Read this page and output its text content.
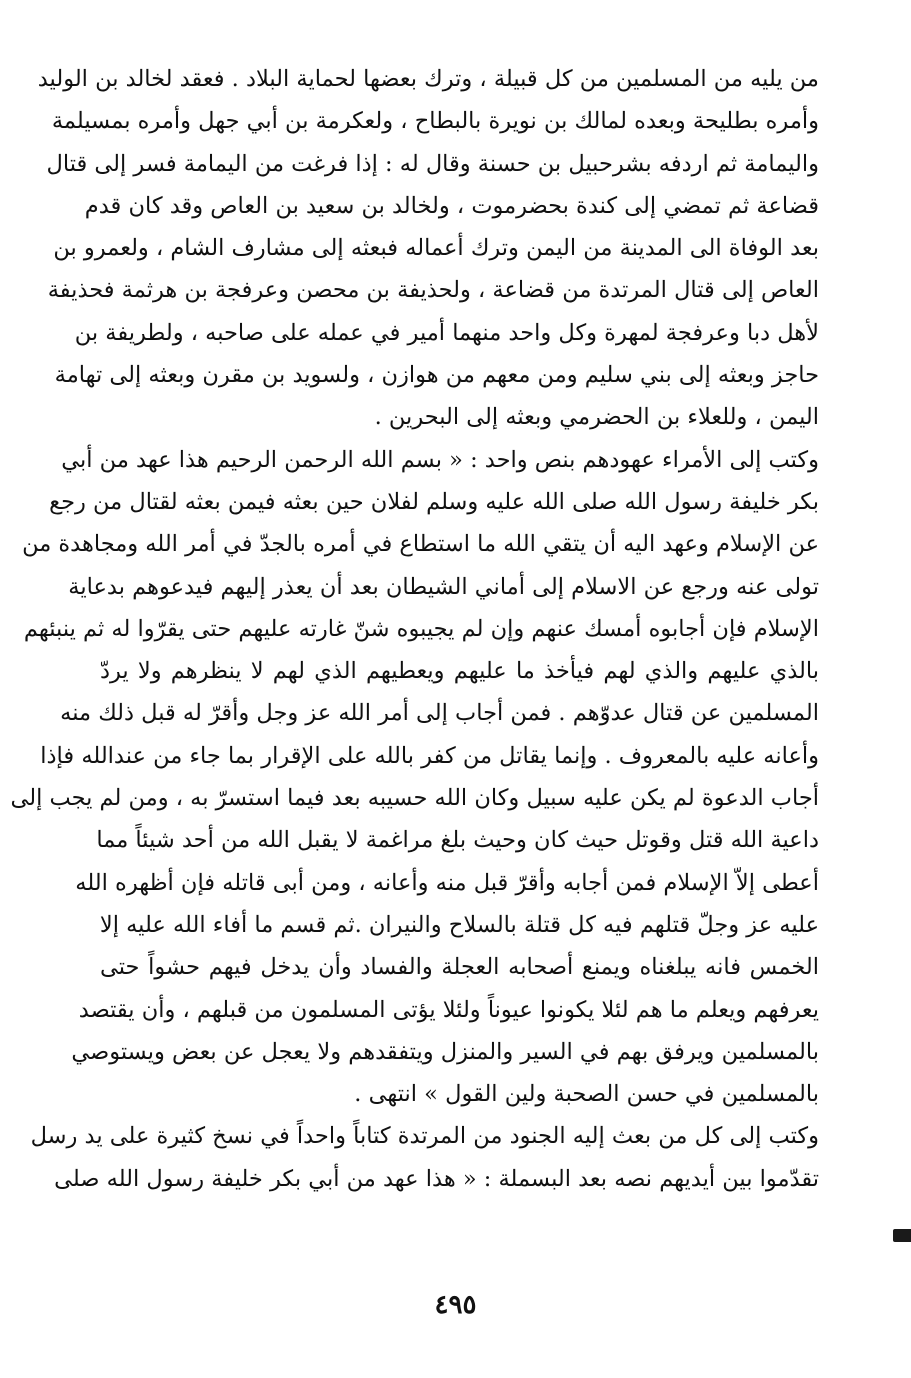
من يليه من المسلمين من كل قبيلة ، وترك بعضها لحماية البلاد . فعقد لخالد بن الوليد
وأمره بطليحة وبعده لمالك بن نويرة بالبطاح ، ولعكرمة بن أبي جهل وأمره بمسيلمة
واليمامة ثم اردفه بشرحبيل بن حسنة وقال له : إذا فرغت من اليمامة فسر إلى قتال
قضاعة ثم تمضي إلى كندة بحضرموت ، ولخالد بن سعيد بن العاص وقد كان قدم
بعد الوفاة الى المدينة من اليمن وترك أعماله فبعثه إلى مشارف الشام ، ولعمرو بن
العاص إلى قتال المرتدة من قضاعة ، ولحذيفة بن محصن وعرفجة بن هرثمة فحذيفة
لأهل دبا وعرفجة لمهرة وكل واحد منهما أمير في عمله على صاحبه ، ولطريفة بن
حاجز وبعثه إلى بني سليم ومن معهم من هوازن ، ولسويد بن مقرن وبعثه إلى تهامة
اليمن ، وللعلاء بن الحضرمي وبعثه إلى البحرين .
وكتب إلى الأمراء عهودهم بنص واحد : « بسم الله الرحمن الرحيم هذا عهد من أبي
بكر خليفة رسول الله صلى الله عليه وسلم لفلان حين بعثه فيمن بعثه لقتال من رجع
عن الإسلام وعهد اليه أن يتقي الله ما استطاع في أمره بالجدّ في أمر الله ومجاهدة من
تولى عنه ورجع عن الاسلام إلى أماني الشيطان بعد أن يعذر إليهم فيدعوهم بدعاية
الإسلام فإن أجابوه أمسك عنهم وإن لم يجيبوه شنّ غارته عليهم حتى يقرّوا له ثم ينبئهم
بالذي عليهم والذي لهم فيأخذ ما عليهم ويعطيهم الذي لهم لا ينظرهم ولا يردّ
المسلمين عن قتال عدوّهم . فمن أجاب إلى أمر الله عز وجل وأقرّ له قبل ذلك منه
وأعانه عليه بالمعروف . وإنما يقاتل من كفر بالله على الإقرار بما جاء من عندالله فإذا
أجاب الدعوة لم يكن عليه سبيل وكان الله حسيبه بعد فيما استسرّ به ، ومن لم يجب إلى
داعية الله قتل وقوتل حيث كان وحيث بلغ مراغمة لا يقبل الله من أحد شيئاً مما
أعطى إلاّ الإسلام فمن أجابه وأقرّ قبل منه وأعانه ، ومن أبى قاتله فإن أظهره الله
عليه عز وجلّ قتلهم فيه كل قتلة بالسلاح والنيران .ثم قسم ما أفاء الله عليه إلا
الخمس فانه يبلغناه ويمنع أصحابه العجلة والفساد وأن يدخل فيهم حشواً حتى
يعرفهم ويعلم ما هم لئلا يكونوا عيوناً ولئلا يؤتى المسلمون من قبلهم ، وأن يقتصد
بالمسلمين ويرفق بهم في السير والمنزل ويتفقدهم ولا يعجل عن بعض ويستوصي
بالمسلمين في حسن الصحبة ولين القول » انتهى .
وكتب إلى كل من بعث إليه الجنود من المرتدة كتاباً واحداً في نسخ كثيرة على يد رسل
تقدّموا بين أيديهم نصه بعد البسملة : « هذا عهد من أبي بكر خليفة رسول الله صلى
٤٩٥
